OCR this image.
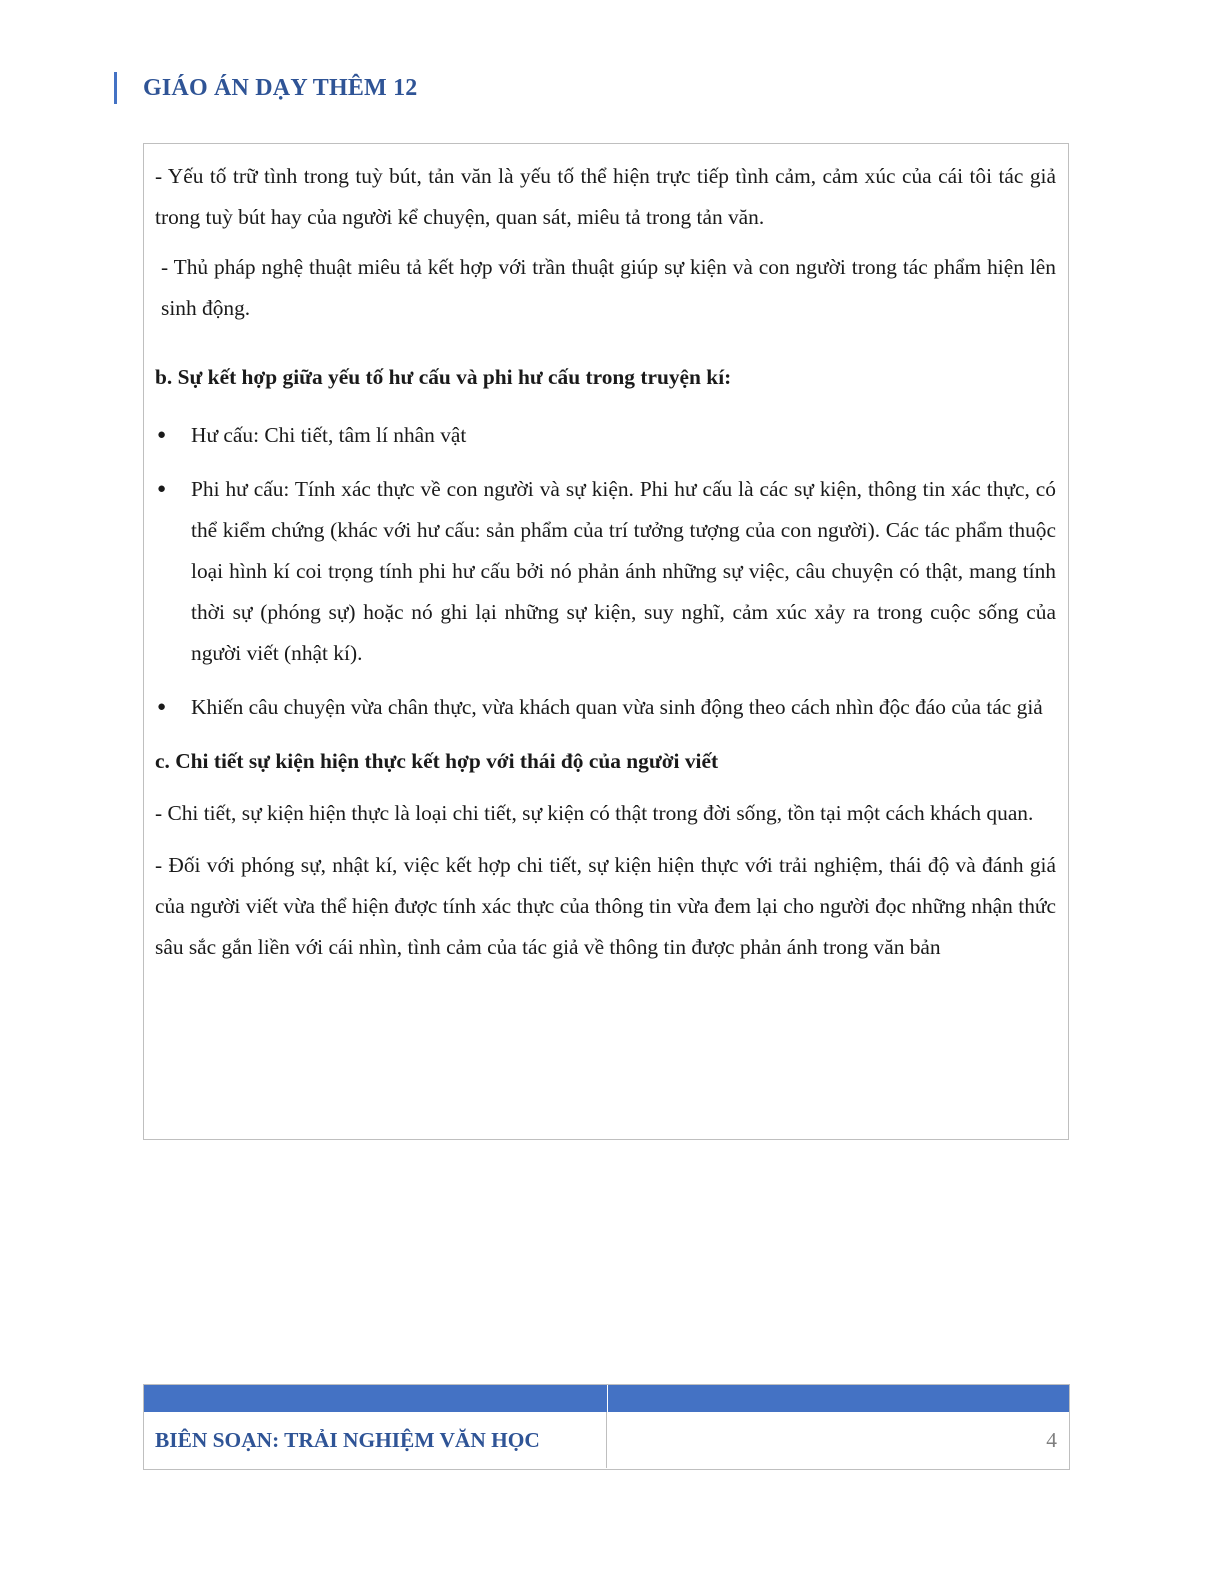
GIÁO ÁN DẠY THÊM 12

- Yếu tố trữ tình trong tuỳ bút, tản văn là yếu tố thể hiện trực tiếp tình cảm, cảm xúc của cái tôi tác giả trong tuỳ bút hay của người kể chuyện, quan sát, miêu tả trong tản văn.

- Thủ pháp nghệ thuật miêu tả kết hợp với trần thuật giúp sự kiện và con người trong tác phẩm hiện lên sinh động.

b. Sự kết hợp giữa yếu tố hư cấu và phi hư cấu trong truyện kí:

● Hư cấu: Chi tiết, tâm lí nhân vật
● Phi hư cấu: Tính xác thực về con người và sự kiện. Phi hư cấu là các sự kiện, thông tin xác thực, có thể kiểm chứng (khác với hư cấu: sản phẩm của trí tưởng tượng của con người). Các tác phẩm thuộc loại hình kí coi trọng tính phi hư cấu bởi nó phản ánh những sự việc, câu chuyện có thật, mang tính thời sự (phóng sự) hoặc nó ghi lại những sự kiện, suy nghĩ, cảm xúc xảy ra trong cuộc sống của người viết (nhật kí).
● Khiến câu chuyện vừa chân thực, vừa khách quan vừa sinh động theo cách nhìn độc đáo của tác giả

c. Chi tiết sự kiện hiện thực kết hợp với thái độ của người viết

- Chi tiết, sự kiện hiện thực là loại chi tiết, sự kiện có thật trong đời sống, tồn tại một cách khách quan.

- Đối với phóng sự, nhật kí, việc kết hợp chi tiết, sự kiện hiện thực với trải nghiệm, thái độ và đánh giá của người viết vừa thể hiện được tính xác thực của thông tin vừa đem lại cho người đọc những nhận thức sâu sắc gắn liền với cái nhìn, tình cảm của tác giả về thông tin được phản ánh trong văn bản

BIÊN SOẠN: TRẢI NGHIỆM VĂN HỌC	4
